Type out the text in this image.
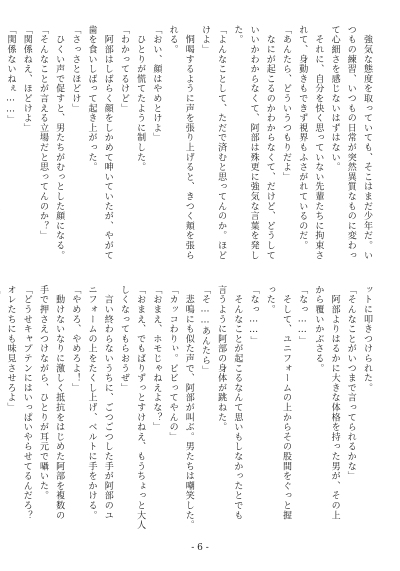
　強気な態度を取っていても、そこはまだ少年だ。い
つもの練習、いつもの日常が突然異質なものに変わっ
て心細さを感じないはずはない。
　それに、自分を快く思っていない先輩たちに拘束さ
れて、身動きもできず視界もふさがれているのだ。
「あんたら、どういうつもりだよ」
　なにが起こるのかわからなくて、だけど、どうして
いいかわからなくて、阿部は殊更に強気な言葉を発し
た。
「よんなことして、ただで済むと思ってんのか。ほど
けよ」
　恫喝するように声を張り上げると、きつく頬を張ら
れる。
「おい、顔はやめとけよ」
　ひとりが慌てたように制した。
「わかってるけど」
　阿部はしばらく顔をしかめて呻いていたが、やがて
歯を食いしばって起き上がった。
「さっさとほどけ」
　ひくい声で促すと、男たちがむっとした顔になる。
「そんなことが言える立場だと思ってんのか？」
「関係ねえ、ほどけよ」
「関係ないねぇ……」
ットに叩きつけられた。
「そんなことがいつまで言ってられるかな」
　阿部よりはるかに大きな体格を持った男が、その上
から覆いかぶさる。
「なっ……」
　そして、ユニフォームの上からその股間をぐっと握
った。
「なっ……」
　そんなことが起こるなんて思いもしなかったとでも
言うように阿部の身体が跳ねた。
「そ……あんたら」
　悲鳴にも似た声で、阿部が叫ぶ。男たちは嘲笑した。
「カッコわりぃ。ビビってやんの」
「おまえ、ホモじゃねえよな？」
「おまえ、でもばりずっとすけねえ、もうちょっと大人
しくなってもらおうぜ」
　言い終わらないうちに、ごつごつした手が阿部のユ
ニフォームの上をたくし上げ、ベルトに手をかける。
「やめろ、やめろよ！」
　動けないなりに激しく抵抗をはじめた阿部を複数の
手で押さえつけながら、ひとりが耳元で囁いた。
「どうせキャプテンにはいっぱいやらせてるんだろ？
オレたちにも味見させろよ」
- 6 -
